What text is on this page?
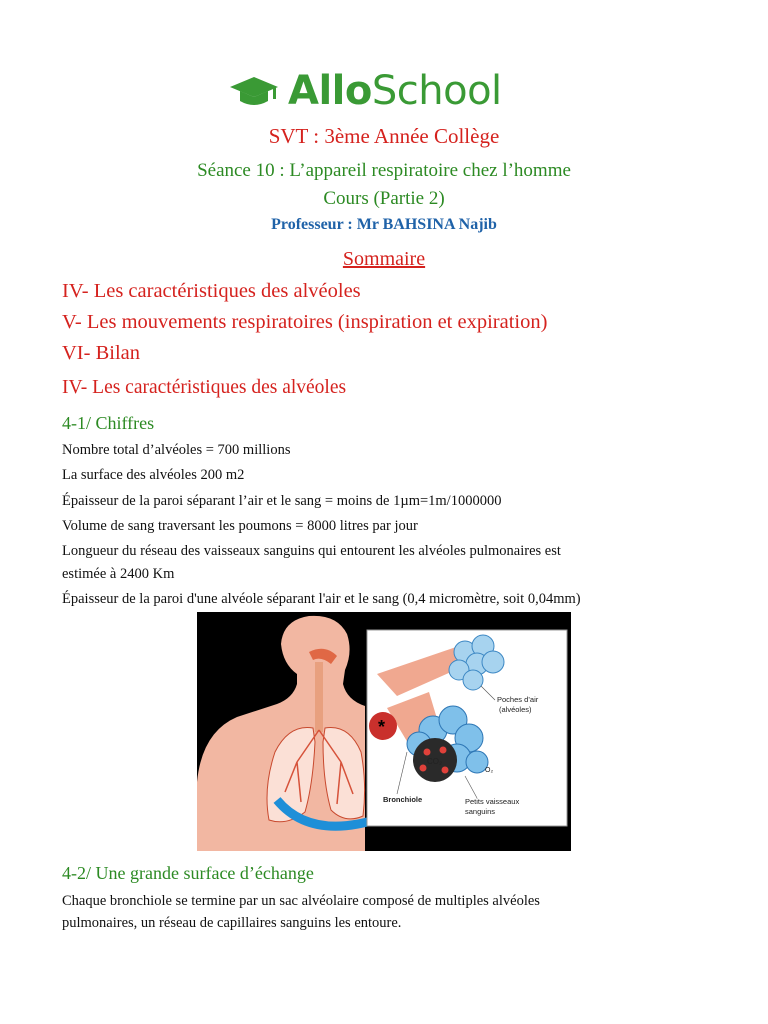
AlloSchool
SVT : 3ème Année Collège
Séance 10 : L’appareil respiratoire chez l’homme
Cours (Partie 2)
Professeur : Mr BAHSINA Najib
Sommaire
IV- Les caractéristiques des alvéoles
V- Les mouvements respiratoires (inspiration et expiration)
VI- Bilan
IV- Les caractéristiques des alvéoles
4-1/ Chiffres
Nombre total d’alvéoles = 700 millions
La surface des alvéoles 200 m2
Épaisseur de la paroi séparant l’air et le sang = moins de 1µm=1m/1000000
Volume de sang traversant les poumons = 8000 litres par jour
Longueur du réseau des vaisseaux sanguins qui entourent les alvéoles pulmonaires est
estimée à 2400 Km
Épaisseur de la paroi d'une alvéole séparant l'air et le sang (0,4 micromètre, soit 0,04mm)
*
CO₂
O₂
Poches d’air
(alvéoles)
Bronchiole	Petits vaisseaux
sanguins
4-2/ Une grande surface d’échange
Chaque bronchiole se termine par un sac alvéolaire composé de multiples alvéoles
pulmonaires, un réseau de capillaires sanguins les entoure.
